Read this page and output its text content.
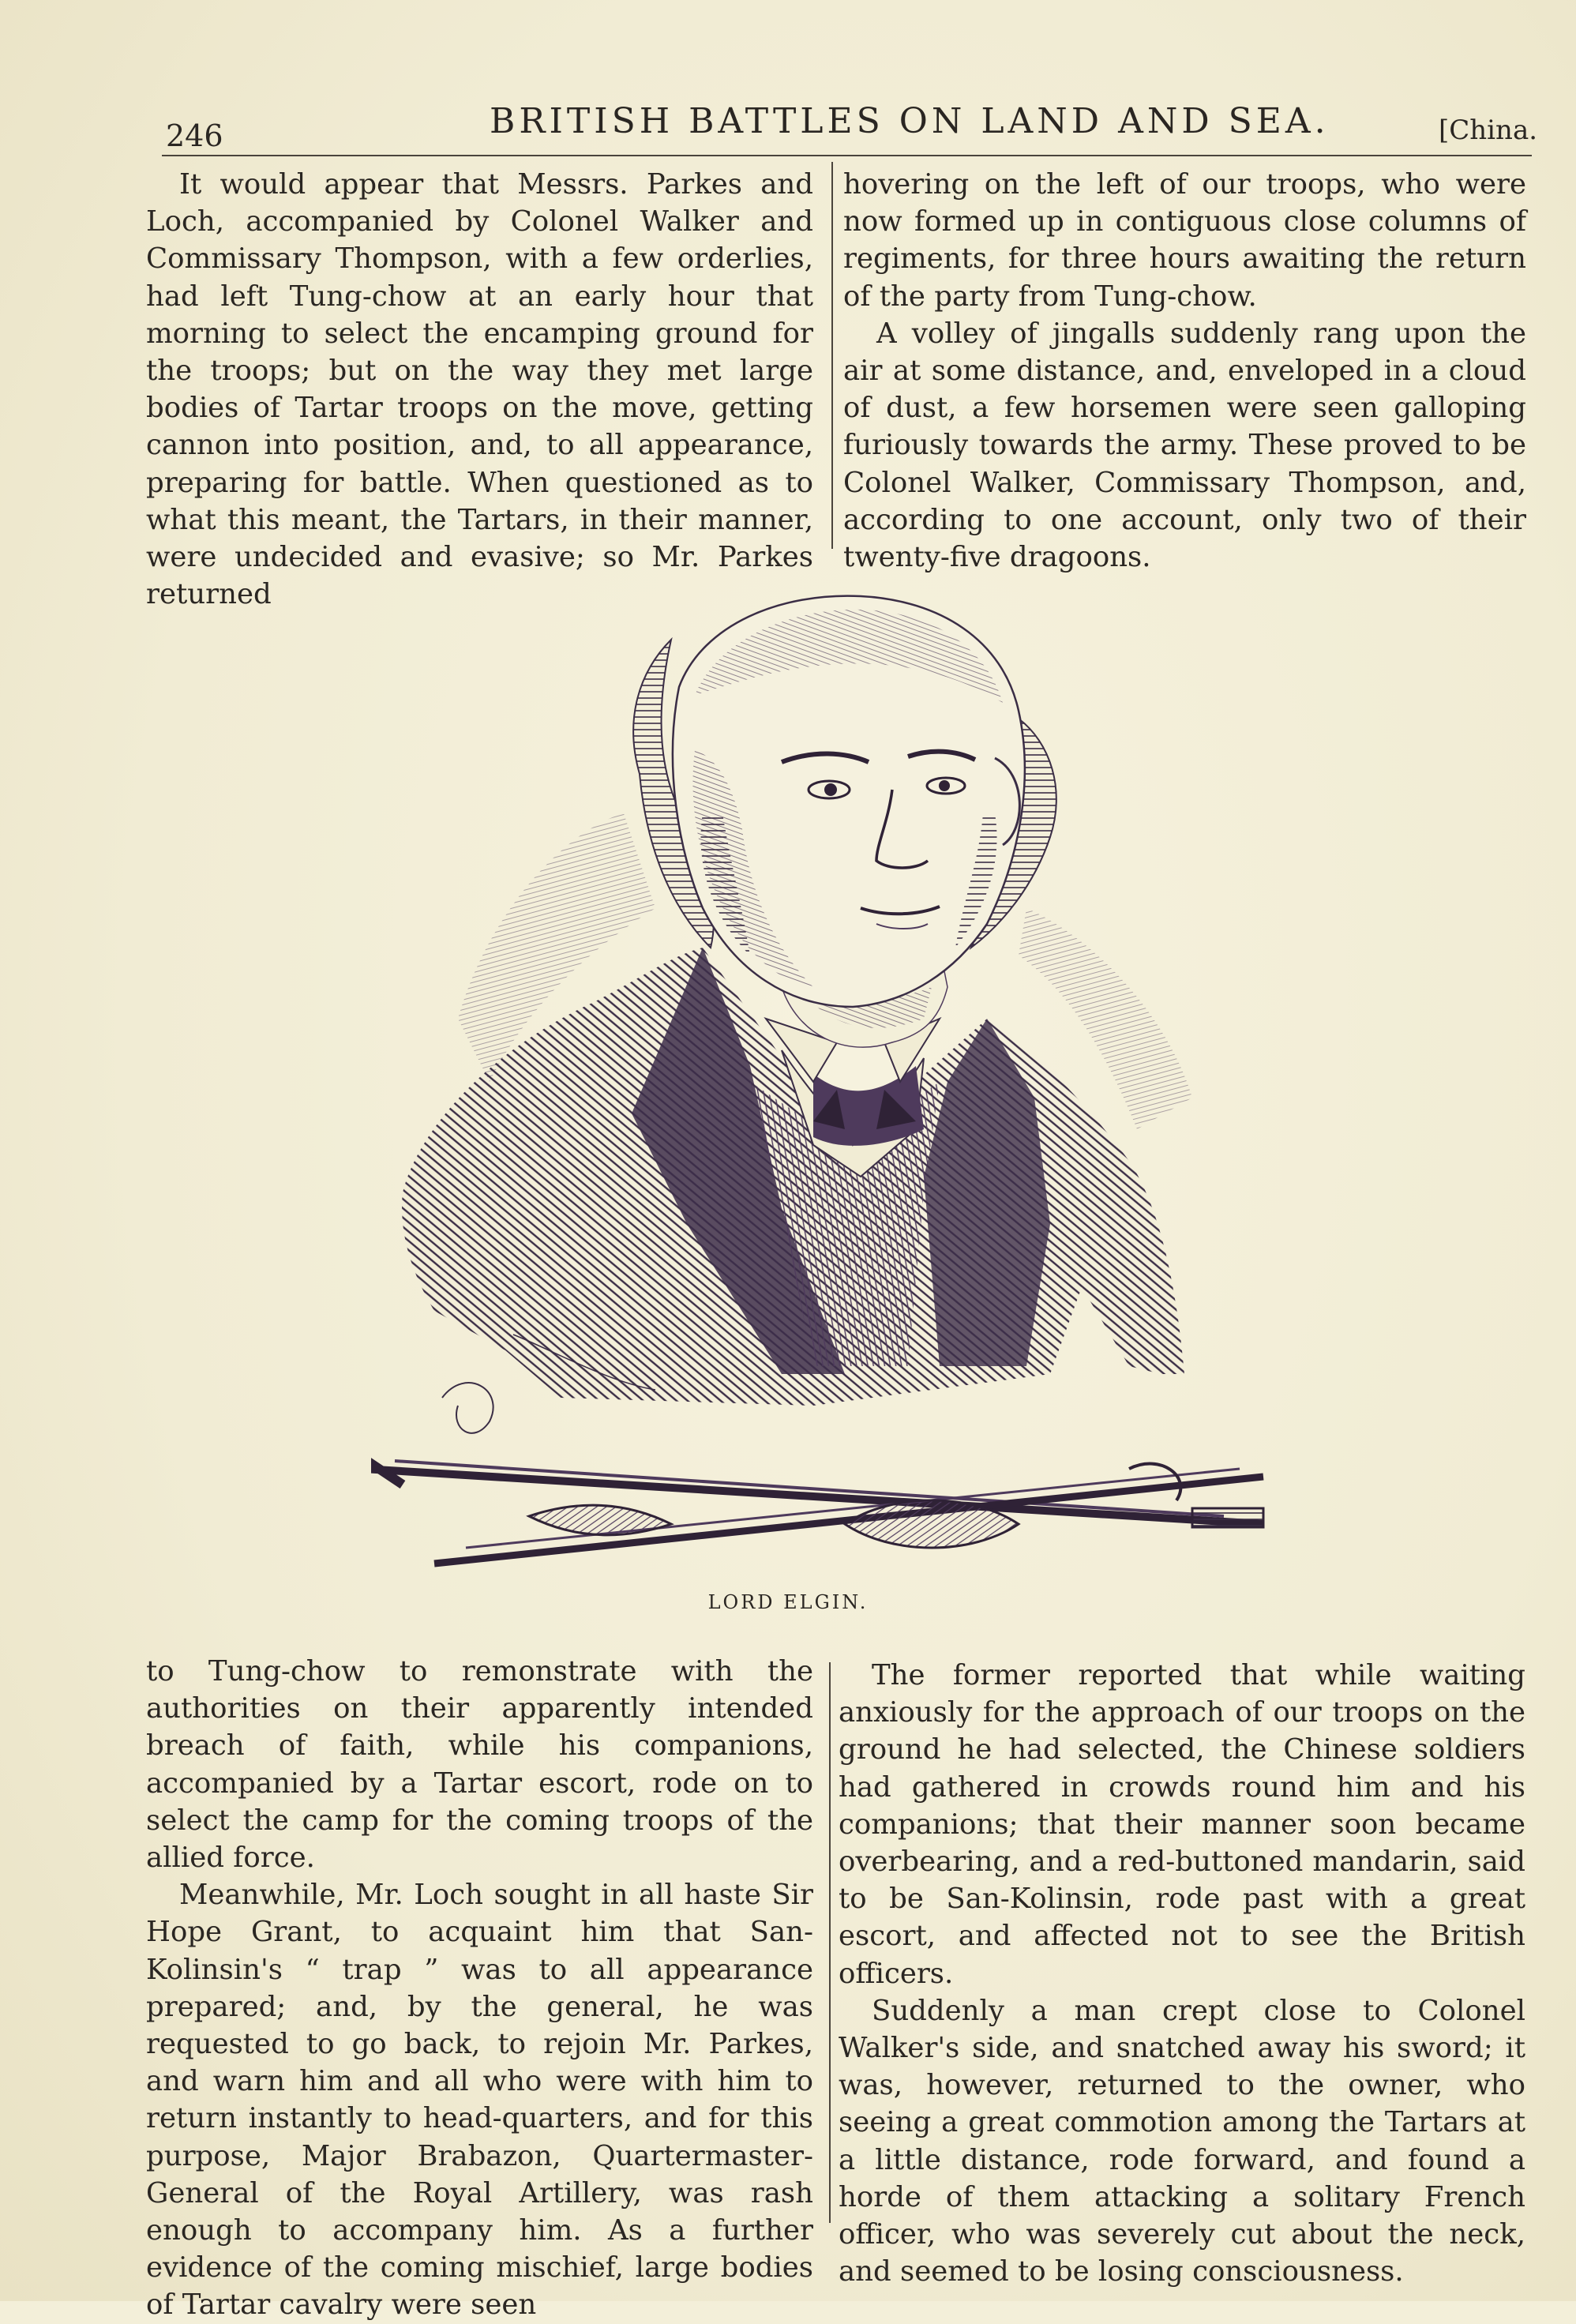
246	BRITISH BATTLES ON LAND AND SEA.	[China.

It would appear that Messrs. Parkes and Loch, accompanied by Colonel Walker and Commissary Thompson, with a few orderlies, had left Tung-chow at an early hour that morning to select the encamping ground for the troops; but on the way they met large bodies of Tartar troops on the move, getting cannon into position, and, to all appearance, preparing for battle. When questioned as to what this meant, the Tartars, in their manner, were undecided and evasive; so Mr. Parkes returned

hovering on the left of our troops, who were now formed up in contiguous close columns of regiments, for three hours awaiting the return of the party from Tung-chow.

A volley of jingalls suddenly rang upon the air at some distance, and, enveloped in a cloud of dust, a few horsemen were seen galloping furiously towards the army. These proved to be Colonel Walker, Commissary Thompson, and, according to one account, only two of their twenty-five dragoons.

LORD ELGIN.

to Tung-chow to remonstrate with the authorities on their apparently intended breach of faith, while his companions, accompanied by a Tartar escort, rode on to select the camp for the coming troops of the allied force.

Meanwhile, Mr. Loch sought in all haste Sir Hope Grant, to acquaint him that San-Kolinsin's “ trap ” was to all appearance prepared; and, by the general, he was requested to go back, to rejoin Mr. Parkes, and warn him and all who were with him to return instantly to head-quarters, and for this purpose, Major Brabazon, Quartermaster-General of the Royal Artillery, was rash enough to accompany him. As a further evidence of the coming mischief, large bodies of Tartar cavalry were seen

The former reported that while waiting anxiously for the approach of our troops on the ground he had selected, the Chinese soldiers had gathered in crowds round him and his companions; that their manner soon became overbearing, and a red-buttoned mandarin, said to be San-Kolinsin, rode past with a great escort, and affected not to see the British officers.

Suddenly a man crept close to Colonel Walker's side, and snatched away his sword; it was, however, returned to the owner, who seeing a great commotion among the Tartars at a little distance, rode forward, and found a horde of them attacking a solitary French officer, who was severely cut about the neck, and seemed to be losing consciousness.
